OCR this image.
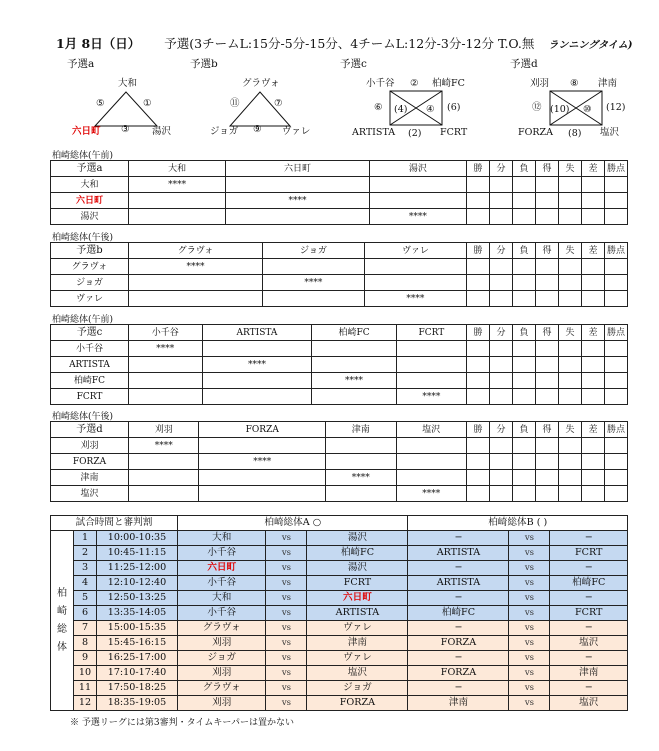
1月 8日（日） 予選(3チームL:15分-5分-15分、4チームL:12分-3分-12分 T.O.無 ランニングタイム)
予選a	予選b	予選c	予選d
大和
六日町	湯沢
⑤	①
③
グラヴォ
ジョガ	ヴァレ
⑪	⑦
⑨
小千谷	柏崎FC
ARTISTA	FCRT
②
⑥	(6)
(2)
(4) ④
刈羽	津南
FORZA	塩沢
⑧
⑫	(12)
(8)
(10) ⑩
柏崎総体(午前)
予選a	大和	六日町	湯沢	勝	分	負	得	失	差	勝点
大和	****									
六日町		****								
湯沢			****							
柏崎総体(午後)
予選b	グラヴォ	ジョガ	ヴァレ	勝	分	負	得	失	差	勝点
グラヴォ	****									
ジョガ		****								
ヴァレ			****							
柏崎総体(午前)
予選c	小千谷	ARTISTA	柏崎FC	FCRT	勝	分	負	得	失	差	勝点
小千谷	****										
ARTISTA		****									
柏崎FC			****								
FCRT				****							
柏崎総体(午後)
予選d	刈羽	FORZA	津南	塩沢	勝	分	負	得	失	差	勝点
刈羽	****										
FORZA		****									
津南			****								
塩沢				****							
試合時間と審判割			柏崎総体A ○			柏崎総体B ( )		
柏
崎
総
体	1	10:00-10:35	大和	vs	湯沢	−	vs	−
	2	10:45-11:15	小千谷	vs	柏崎FC	ARTISTA	vs	FCRT
	3	11:25-12:00	六日町	vs	湯沢	−	vs	−
	4	12:10-12:40	小千谷	vs	FCRT	ARTISTA	vs	柏崎FC
	5	12:50-13:25	大和	vs	六日町	−	vs	−
	6	13:35-14:05	小千谷	vs	ARTISTA	柏崎FC	vs	FCRT
	7	15:00-15:35	グラヴォ	vs	ヴァレ	−	vs	−
	8	15:45-16:15	刈羽	vs	津南	FORZA	vs	塩沢
	9	16:25-17:00	ジョガ	vs	ヴァレ	−	vs	−
	10	17:10-17:40	刈羽	vs	塩沢	FORZA	vs	津南
	11	17:50-18:25	グラヴォ	vs	ジョガ	−	vs	−
	12	18:35-19:05	刈羽	vs	FORZA	津南	vs	塩沢
※ 予選リーグには第3審判・タイムキーパーは置かない
